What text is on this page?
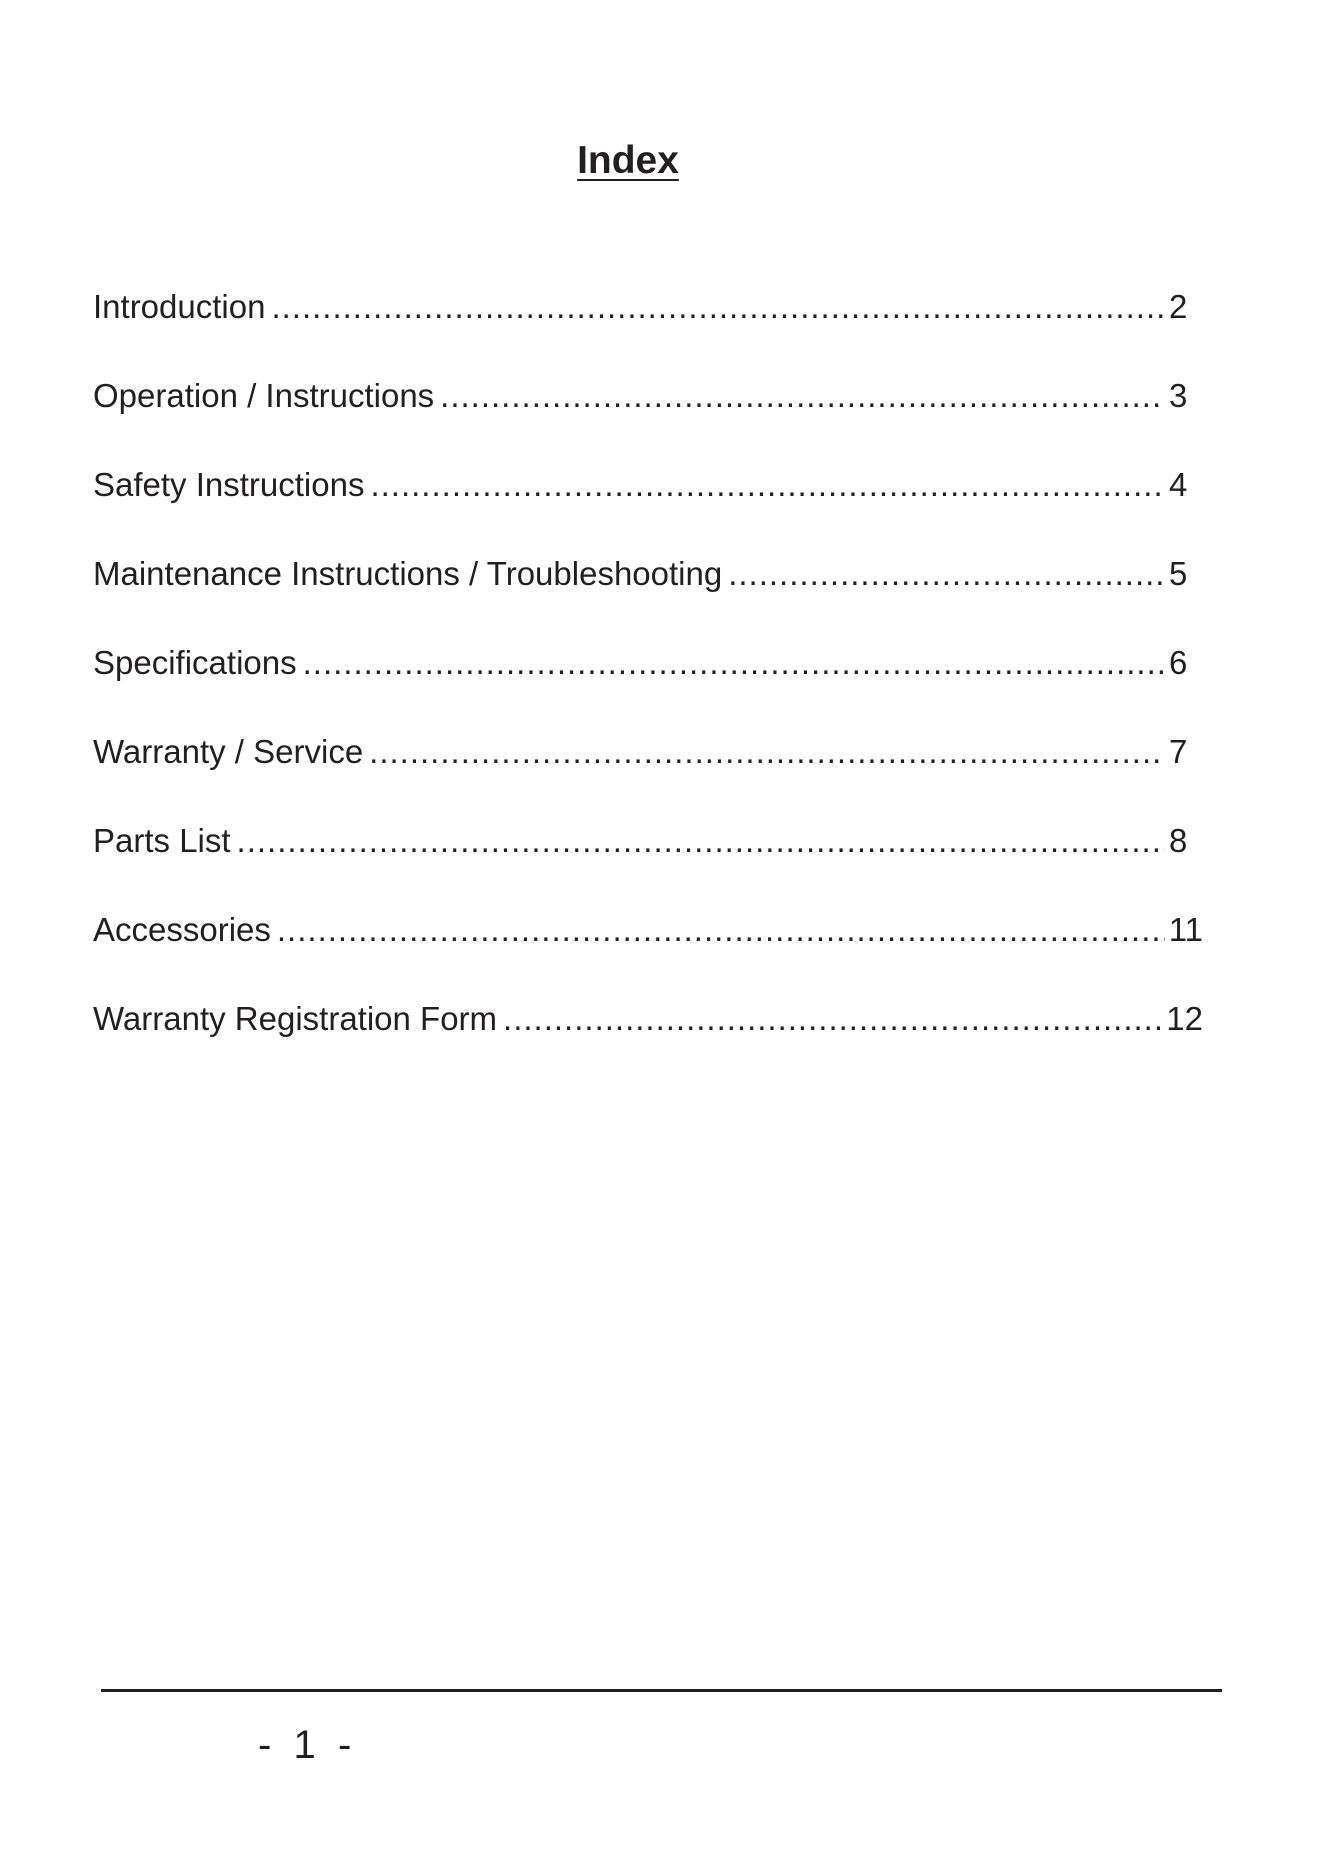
Index
Introduction .....	2
Operation / Instructions .....	3
Safety Instructions .....	4
Maintenance Instructions / Troubleshooting .....	5
Specifications .....	6
Warranty / Service .....	7
Parts List .....	8
Accessories .....	11
Warranty Registration Form .....	12
-  1  -
